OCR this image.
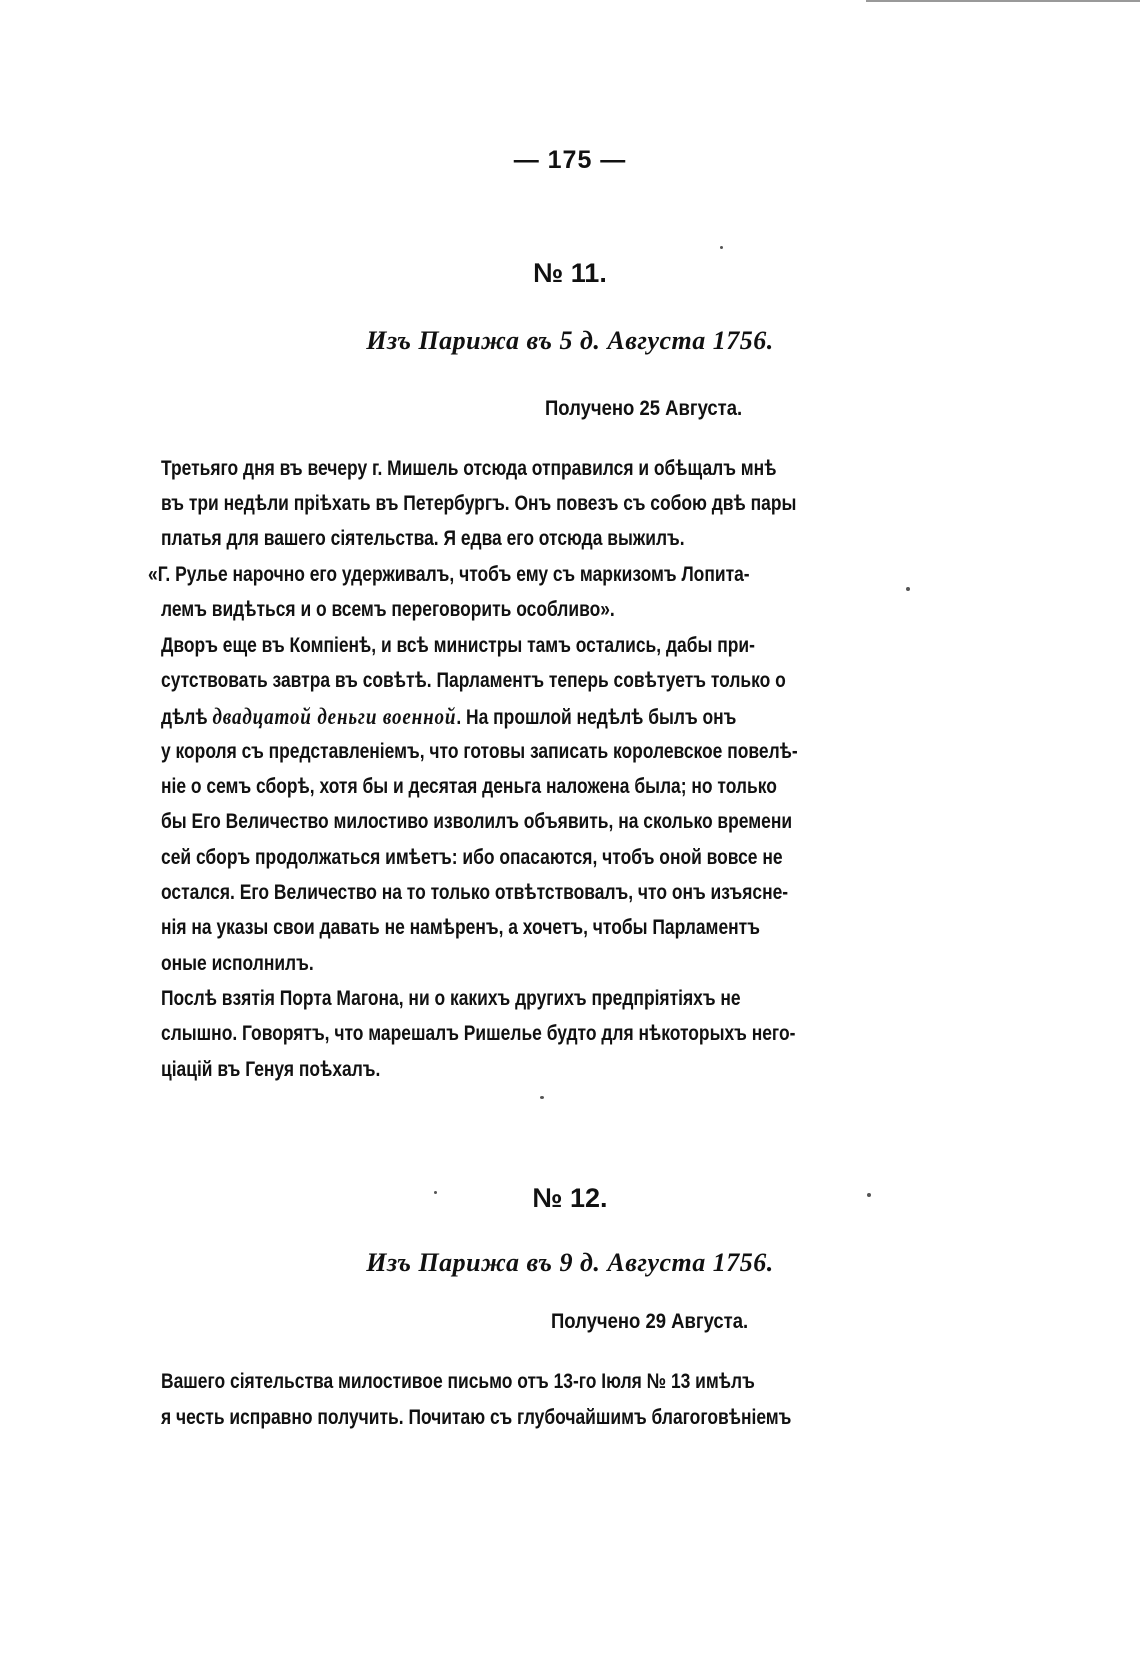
— 175 —
№ 11.
Изъ Парижа въ 5 д. Августа 1756.
Получено 25 Августа.
Третьяго дня въ вечеру г. Мишель отсюда отправился и обѣщалъ мнѣ
въ три недѣли пріѣхать въ Петербургъ. Онъ повезъ съ собою двѣ пары
платья для вашего сіятельства. Я едва его отсюда выжилъ.
«Г. Рулье нарочно его удерживалъ, чтобъ ему съ маркизомъ Лопита-
лемъ видѣться и о всемъ переговорить особливо».
Дворъ еще въ Компіенѣ, и всѣ министры тамъ остались, дабы при-
сутствовать завтра въ совѣтѣ. Парламентъ теперь совѣтуетъ только о
дѣлѣ двадцатой деньги военной. На прошлой недѣлѣ былъ онъ
у короля съ представленіемъ, что готовы записать королевское повелѣ-
ніе о семъ сборѣ, хотя бы и десятая деньга наложена была; но только
бы Его Величество милостиво изволилъ объявить, на сколько времени
сей сборъ продолжаться имѣетъ: ибо опасаются, чтобъ оной вовсе не
остался. Его Величество на то только отвѣтствовалъ, что онъ изъясне-
нія на указы свои давать не намѣренъ, а хочетъ, чтобы Парламентъ
оные исполнилъ.
Послѣ взятія Порта Магона, ни о какихъ другихъ предпріятіяхъ не
слышно. Говорятъ, что марешалъ Ришелье будто для нѣкоторыхъ него-
ціацій въ Генуя поѣхалъ.
№ 12.
Изъ Парижа въ 9 д. Августа 1756.
Получено 29 Августа.
Вашего сіятельства милостивое письмо отъ 13-го Іюля № 13 имѣлъ
я честь исправно получить. Почитаю съ глубочайшимъ благоговѣніемъ
